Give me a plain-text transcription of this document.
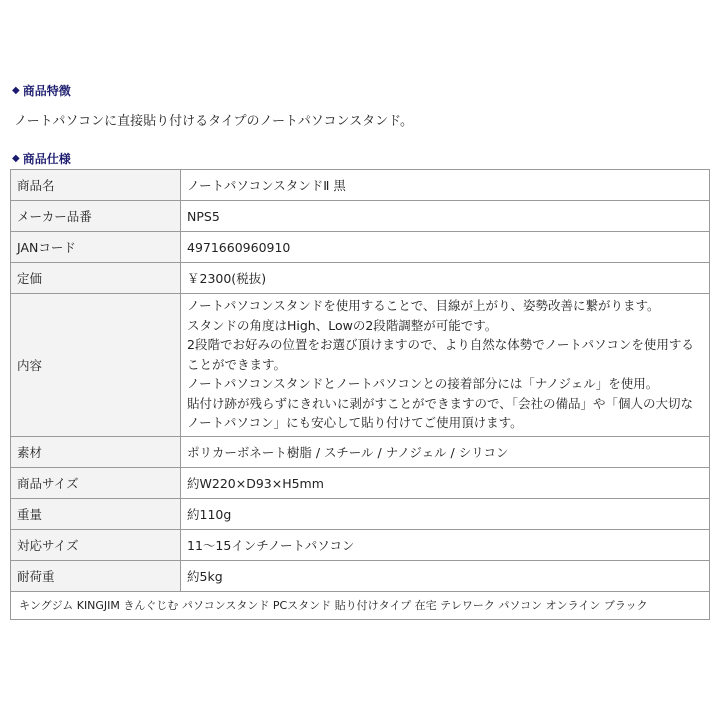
◆ 商品特徴
ノートパソコンに直接貼り付けるタイプのノートパソコンスタンド。
◆ 商品仕様
商品名	ノートパソコンスタンドⅡ 黒
メーカー品番	NPS5
JANコード	4971660960910
定価	￥2300(税抜)
内容	ノートパソコンスタンドを使用することで、目線が上がり、姿勢改善に繋がります。
スタンドの角度はHigh、Lowの2段階調整が可能です。
2段階でお好みの位置をお選び頂けますので、より自然な体勢でノートパソコンを使用することができます。
ノートパソコンスタンドとノートパソコンとの接着部分には「ナノジェル」を使用。
貼付け跡が残らずにきれいに剥がすことができますので、「会社の備品」や「個人の大切なノートパソコン」にも安心して貼り付けてご使用頂けます。

素材	ポリカーボネート樹脂 / スチール / ナノジェル / シリコン
商品サイズ	約W220×D93×H5mm
重量	約110g
対応サイズ	11～15インチノートパソコン
耐荷重	約5kg
キングジム KINGJIM きんぐじむ パソコンスタンド PCスタンド 貼り付けタイプ 在宅 テレワーク パソコン オンライン ブラック	
